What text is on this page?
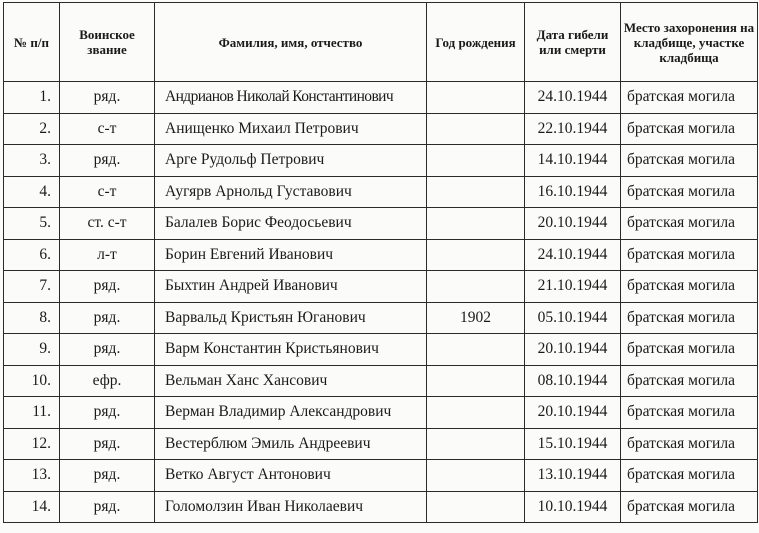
№ п/п	Воинское звание	Фамилия, имя, отчество	Год рождения	Дата гибели или смерти	Место захоронения на кладбище, участке кладбища
1.	ряд.	Андрианов Николай Константинович		24.10.1944	братская могила
2.	с-т	Анищенко Михаил Петрович		22.10.1944	братская могила
3.	ряд.	Арге Рудольф Петрович		14.10.1944	братская могила
4.	с-т	Аугярв Арнольд Густавович		16.10.1944	братская могила
5.	ст. с-т	Балалев Борис Феодосьевич		20.10.1944	братская могила
6.	л-т	Борин Евгений Иванович		24.10.1944	братская могила
7.	ряд.	Быхтин Андрей Иванович		21.10.1944	братская могила
8.	ряд.	Варвальд Кристьян Юганович	1902	05.10.1944	братская могила
9.	ряд.	Варм Константин Кристьянович		20.10.1944	братская могила
10.	ефр.	Вельман Ханс Хансович		08.10.1944	братская могила
11.	ряд.	Верман Владимир Александрович		20.10.1944	братская могила
12.	ряд.	Вестерблюм Эмиль Андреевич		15.10.1944	братская могила
13.	ряд.	Ветко Август Антонович		13.10.1944	братская могила
14.	ряд.	Голомолзин Иван Николаевич		10.10.1944	братская могила
